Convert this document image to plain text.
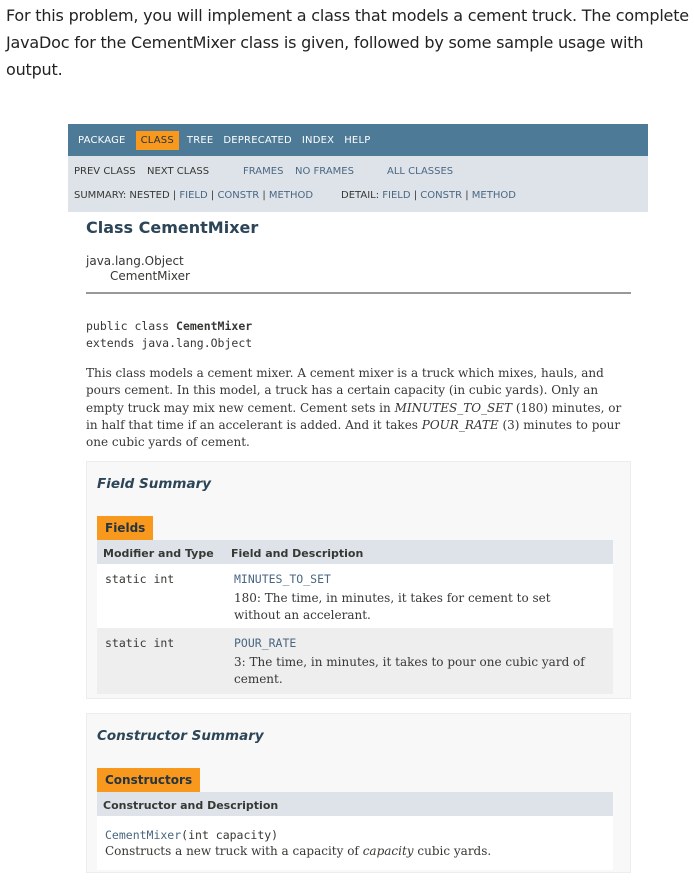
For this problem, you will implement a class that models a cement truck. The complete
JavaDoc for the CementMixer class is given, followed by some sample usage with output.
PACKAGE	CLASS	TREE	DEPRECATED	INDEX	HELP
PREV CLASS NEXT CLASS	FRAMES NO FRAMES	ALL CLASSES
SUMMARY: NESTED | FIELD | CONSTR | METHOD	DETAIL: FIELD | CONSTR | METHOD
Class CementMixer
java.lang.Object
CementMixer
public class CementMixer
extends java.lang.Object
This class models a cement mixer. A cement mixer is a truck which mixes, hauls, and pours cement. In this model, a truck has a certain capacity (in cubic yards). Only an empty truck may mix new cement. Cement sets in MINUTES_TO_SET (180) minutes, or in half that time if an accelerant is added. And it takes POUR_RATE (3) minutes to pour one cubic yards of cement.
Field Summary
Fields
Modifier and Type Field and Description
static int	MINUTES_TO_SET
180: The time, in minutes, it takes for cement to set
without an accelerant.
static int	POUR_RATE
3: The time, in minutes, it takes to pour one cubic yard of
cement.
Constructor Summary
Constructors
Constructor and Description
CementMixer(int capacity)
Constructs a new truck with a capacity of capacity cubic yards.
